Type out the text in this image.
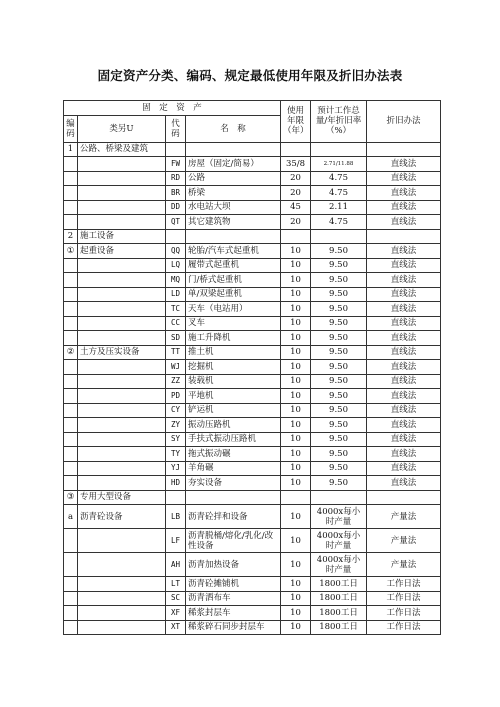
固定资产分类、编码、规定最低使用年限及折旧办法表
固　定　资　产				使用年限（年）	预计工作总量/年折旧率（%）	折旧办法
编码	类另U	代码	名　称			
1	公路、桥梁及建筑					
		FW	房屋（固定/简易）	35/8	2.71/11.88	直线法
		RD	公路	20	4.75	直线法
		BR	桥梁	20	4.75	直线法
		DD	水电站大坝	45	2.11	直线法
		QT	其它建筑物	20	4.75	直线法
2	施工设备					
①	起重设备	QQ	轮胎/汽车式起重机	10	9.50	直线法
		LQ	履带式起重机	10	9.50	直线法
		MQ	门/桥式起重机	10	9.50	直线法
		LD	单/双梁起重机	10	9.50	直线法
		TC	天车（电站用）	10	9.50	直线法
		CC	叉车	10	9.50	直线法
		SD	施工升降机	10	9.50	直线法
②	土方及压实设备	TT	推土机	10	9.50	直线法
		WJ	挖掘机	10	9.50	直线法
		ZZ	装载机	10	9.50	直线法
		PD	平地机	10	9.50	直线法
		CY	铲运机	10	9.50	直线法
		ZY	振动压路机	10	9.50	直线法
		SY	手扶式振动压路机	10	9.50	直线法
		TY	拖式振动碾	10	9.50	直线法
		YJ	羊角碾	10	9.50	直线法
		HD	夯实设备	10	9.50	直线法
③	专用大型设备					
a	沥青砼设备	LB	沥青砼拌和设备	10	4000x每小时产量	产量法
		LF	沥青脱桶/熔化/乳化/改性设备	10	4000x每小时产量	产量法
		AH	沥青加热设备	10	4000x每小时产量	产量法
		LT	沥青砼摊铺机	10	1800工日	工作日法
		SC	沥青洒布车	10	1800工日	工作日法
		XF	稀浆封层车	10	1800工日	工作日法
		XT	稀浆碎石同步封层车	10	1800工日	工作日法
